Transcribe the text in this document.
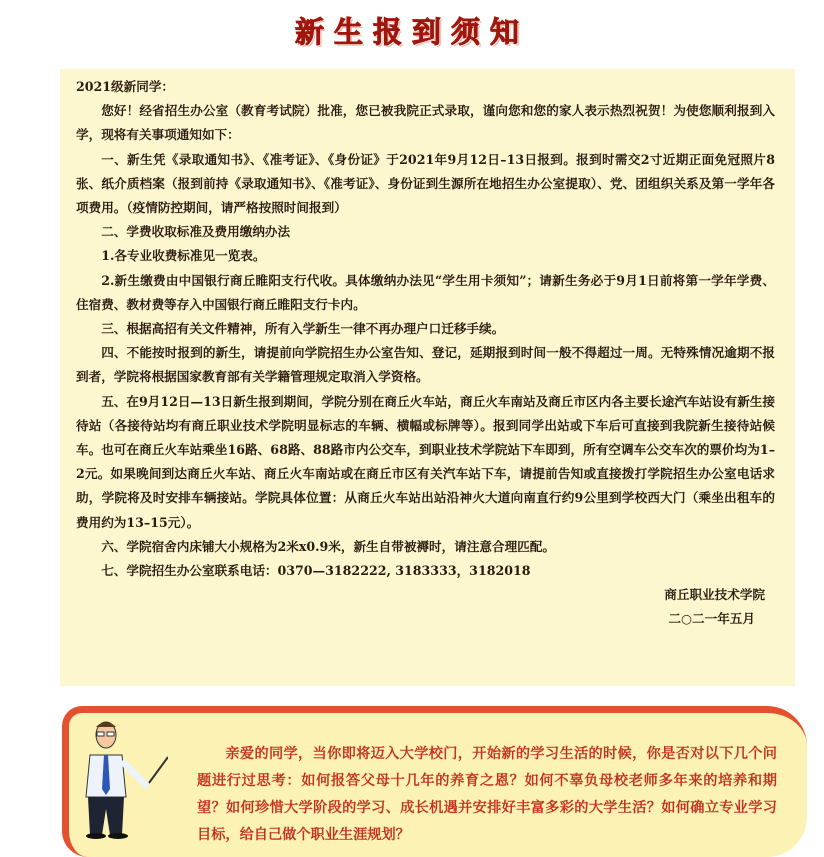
新生报到须知

2021级新同学：

您好！经省招生办公室（教育考试院）批准，您已被我院正式录取，谨向您和您的家人表示热烈祝贺！为使您顺利报到入学，现将有关事项通知如下：

一、新生凭《录取通知书》、《准考证》、《身份证》于2021年9月12日–13日报到。报到时需交2寸近期正面免冠照片8张、纸介质档案（报到前持《录取通知书》、《准考证》、身份证到生源所在地招生办公室提取）、党、团组织关系及第一学年各项费用。（疫情防控期间，请严格按照时间报到）

二、学费收取标准及费用缴纳办法

1.各专业收费标准见一览表。

2.新生缴费由中国银行商丘睢阳支行代收。具体缴纳办法见“学生用卡须知”；请新生务必于9月1日前将第一学年学费、住宿费、教材费等存入中国银行商丘睢阳支行卡内。

三、根据高招有关文件精神，所有入学新生一律不再办理户口迁移手续。

四、不能按时报到的新生，请提前向学院招生办公室告知、登记，延期报到时间一般不得超过一周。无特殊情况逾期不报到者，学院将根据国家教育部有关学籍管理规定取消入学资格。

五、在9月12日—13日新生报到期间，学院分别在商丘火车站，商丘火车南站及商丘市区内各主要长途汽车站设有新生接待站（各接待站均有商丘职业技术学院明显标志的车辆、横幅或标牌等）。报到同学出站或下车后可直接到我院新生接待站候车。也可在商丘火车站乘坐16路、68路、88路市内公交车，到职业技术学院站下车即到，所有空调车公交车次的票价均为1–2元。如果晚间到达商丘火车站、商丘火车南站或在商丘市区有关汽车站下车，请提前告知或直接拨打学院招生办公室电话求助，学院将及时安排车辆接站。学院具体位置：从商丘火车站出站沿神火大道向南直行约9公里到学校西大门（乘坐出租车的费用约为13–15元）。

六、学院宿舍内床铺大小规格为2米x0.9米，新生自带被褥时，请注意合理匹配。

七、学院招生办公室联系电话：0370—3182222, 3183333，3182018

商丘职业技术学院
二○二一年五月
亲爱的同学，当你即将迈入大学校门，开始新的学习生活的时候，你是否对以下几个问题进行过思考：如何报答父母十几年的养育之恩？如何不辜负母校老师多年来的培养和期望？如何珍惜大学阶段的学习、成长机遇并安排好丰富多彩的大学生活？如何确立专业学习目标，给自己做个职业生涯规划？
